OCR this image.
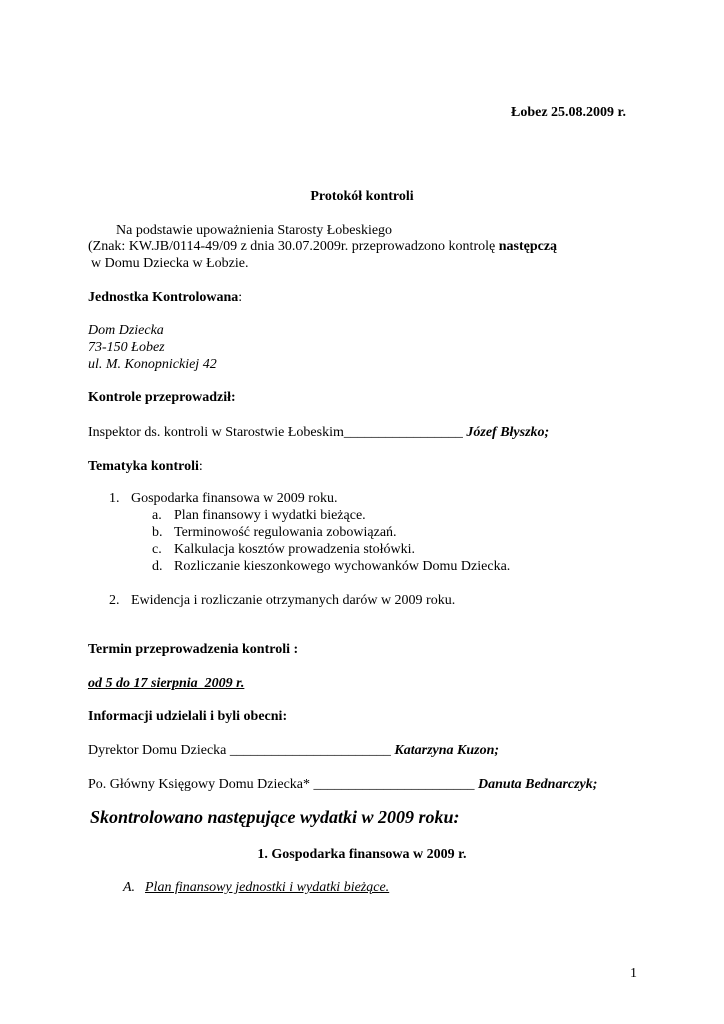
Łobez 25.08.2009 r.
Protokół kontroli
Na podstawie upoważnienia Starosty Łobeskiego
(Znak: KW.JB/0114-49/09 z dnia 30.07.2009r. przeprowadzono kontrolę następczą
w Domu Dziecka w Łobzie.
Jednostka Kontrolowana:
Dom Dziecka
73-150 Łobez
ul. M. Konopnickiej 42
Kontrole przeprowadził:
Inspektor ds. kontroli w Starostwie Łobeskim_________________ Józef Błyszko;
Tematyka kontroli:
1. Gospodarka finansowa w 2009 roku.
a. Plan finansowy i wydatki bieżące.
b. Terminowość regulowania zobowiązań.
c. Kalkulacja kosztów prowadzenia stołówki.
d. Rozliczanie kieszonkowego wychowanków Domu Dziecka.
2. Ewidencja i rozliczanie otrzymanych darów w 2009 roku.
Termin przeprowadzenia kontroli :
od 5 do 17 sierpnia  2009 r.
Informacji udzielali i byli obecni:
Dyrektor Domu Dziecka _______________________ Katarzyna Kuzon;
Po. Główny Księgowy Domu Dziecka* _______________________ Danuta Bednarczyk;
Skontrolowano następujące wydatki w 2009 roku:
1. Gospodarka finansowa w 2009 r.
A. Plan finansowy jednostki i wydatki bieżące.
1
